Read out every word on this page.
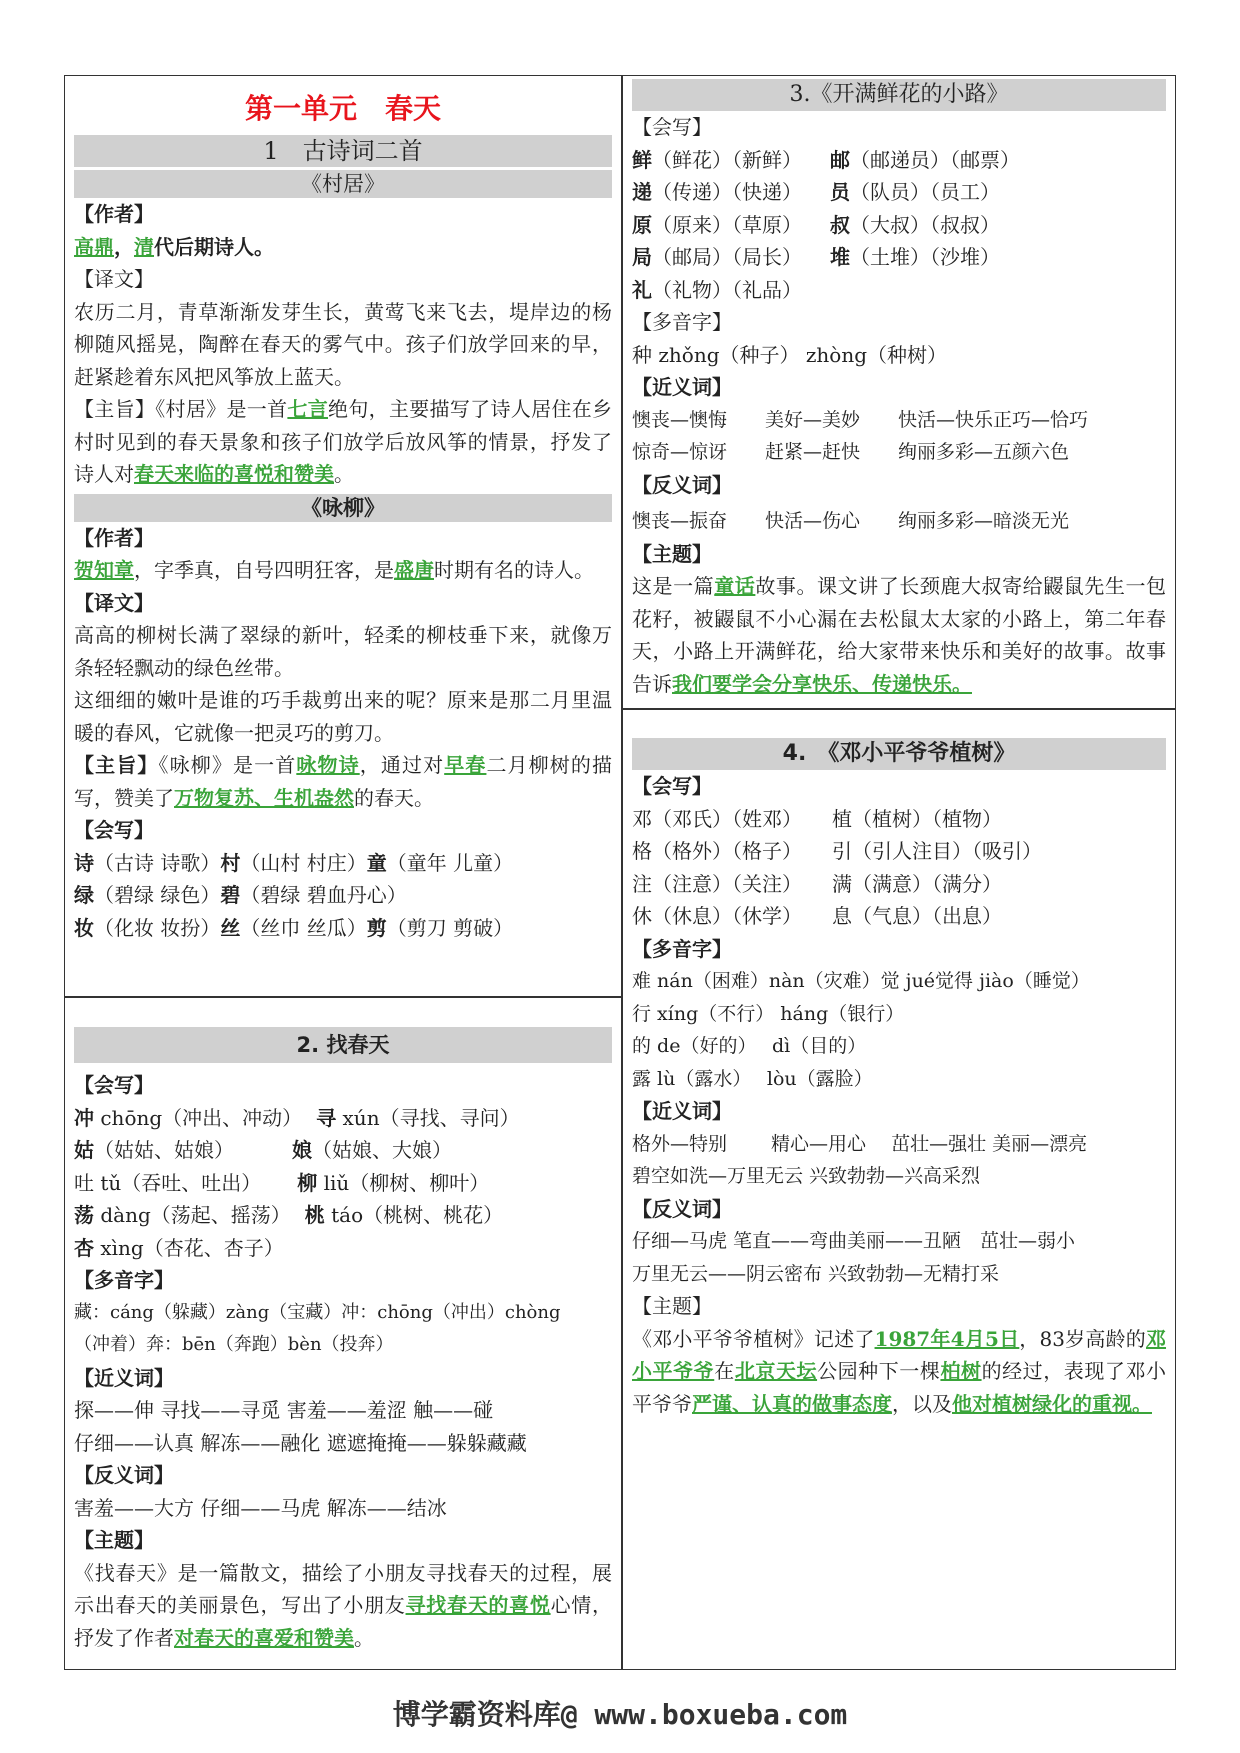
第一单元　春天
1　古诗词二首
《村居》
【作者】
高鼎，清代后期诗人。
【译文】
农历二月，青草渐渐发芽生长，黄莺飞来飞去，堤岸边的杨柳随风摇晃，陶醉在春天的雾气中。孩子们放学回来的早，赶紧趁着东风把风筝放上蓝天。
【主旨】《村居》是一首七言绝句，主要描写了诗人居住在乡村时见到的春天景象和孩子们放学后放风筝的情景，抒发了诗人对春天来临的喜悦和赞美。
《咏柳》
【作者】
贺知章，字季真，自号四明狂客，是盛唐时期有名的诗人。
【译文】
高高的柳树长满了翠绿的新叶，轻柔的柳枝垂下来，就像万条轻轻飘动的绿色丝带。
这细细的嫩叶是谁的巧手裁剪出来的呢？原来是那二月里温暖的春风，它就像一把灵巧的剪刀。
【主旨】《咏柳》是一首咏物诗，通过对早春二月柳树的描写，赞美了万物复苏、生机盎然的春天。
【会写】
诗（古诗 诗歌）村（山村 村庄）童（童年 儿童）
绿（碧绿 绿色）碧（碧绿 碧血丹心）
妆（化妆 妆扮）丝（丝巾 丝瓜）剪（剪刀 剪破）
2. 找春天
【会写】
冲 chōng（冲出、冲动） 寻 xún（寻找、寻问）
姑（姑姑、姑娘）	娘（姑娘、大娘）
吐 tǔ（吞吐、吐出） 柳 liǔ（柳树、柳叶）
荡 dàng（荡起、摇荡） 桃 táo（桃树、桃花）
杏 xìng（杏花、杏子）
【多音字】
藏：cáng（躲藏）zàng（宝藏）冲：chōng（冲出）chòng
（冲着）奔：bēn（奔跑）bèn（投奔）
【近义词】
探——伸 寻找——寻觅 害羞——羞涩 触——碰
仔细——认真 解冻——融化 遮遮掩掩——躲躲藏藏
【反义词】
害羞——大方 仔细——马虎 解冻——结冰
【主题】
《找春天》是一篇散文，描绘了小朋友寻找春天的过程，展示出春天的美丽景色，写出了小朋友寻找春天的喜悦心情，抒发了作者对春天的喜爱和赞美。
3.《开满鲜花的小路》
【会写】
鲜（鲜花）（新鲜） 邮（邮递员）（邮票）
递（传递）（快递） 员（队员）（员工）
原（原来）（草原） 叔（大叔）（叔叔）
局（邮局）（局长） 堆（土堆）（沙堆）
礼（礼物）（礼品）
【多音字】
种 zhǒng（种子） zhòng（种树）
【近义词】
懊丧—懊悔　　美好—美妙　　快活—快乐正巧—恰巧
惊奇—惊讶　　赶紧—赶快　　绚丽多彩—五颜六色
【反义词】
懊丧—振奋　　快活—伤心　　绚丽多彩—暗淡无光
【主题】
这是一篇童话故事。课文讲了长颈鹿大叔寄给鼹鼠先生一包花籽，被鼹鼠不小心漏在去松鼠太太家的小路上，第二年春天，小路上开满鲜花，给大家带来快乐和美好的故事。故事告诉我们要学会分享快乐、传递快乐。
4.　《邓小平爷爷植树》
【会写】
邓（邓氏）（姓邓） 植（植树）（植物）
格（格外）（格子） 引（引人注目）（吸引）
注（注意）（关注） 满（满意）（满分）
休（休息）（休学） 息（气息）（出息）
【多音字】
难 nán（困难）nàn（灾难）觉 jué觉得 jiào（睡觉）
行 xíng（不行） háng（银行）
的 de（好的）　 dì（目的）
露 lù（露水）　 lòu（露脸）
【近义词】
格外—特别　　 精心—用心　 茁壮—强壮 美丽—漂亮
碧空如洗—万里无云 兴致勃勃—兴高采烈
【反义词】
仔细—马虎 笔直——弯曲美丽——丑陋　茁壮—弱小
万里无云——阴云密布 兴致勃勃—无精打采
【主题】
《邓小平爷爷植树》记述了1987年4月5日，83岁高龄的邓小平爷爷在北京天坛公园种下一棵柏树的经过，表现了邓小平爷爷严谨、认真的做事态度，以及他对植树绿化的重视。
博学霸资料库@ www.boxueba.com
